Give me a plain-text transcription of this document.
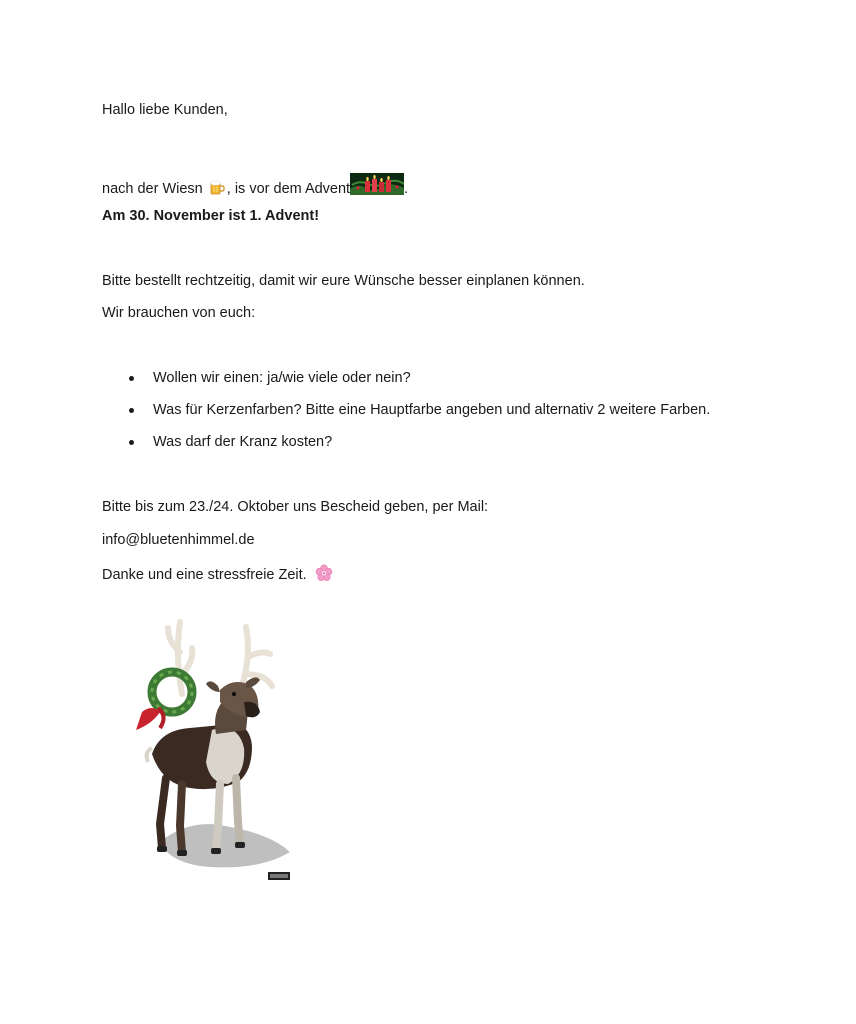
Hallo liebe Kunden,
nach der Wiesn , is vor dem Advent	.
Am 30. November ist 1. Advent!
Bitte bestellt rechtzeitig, damit wir eure Wünsche besser einplanen können.
Wir brauchen von euch:
Wollen wir einen: ja/wie viele oder nein?
Was für Kerzenfarben? Bitte eine Hauptfarbe angeben und alternativ 2 weitere Farben.
Was darf der Kranz kosten?
Bitte bis zum 23./24. Oktober uns Bescheid geben, per Mail:
info@bluetenhimmel.de
Danke und eine stressfreie Zeit.
